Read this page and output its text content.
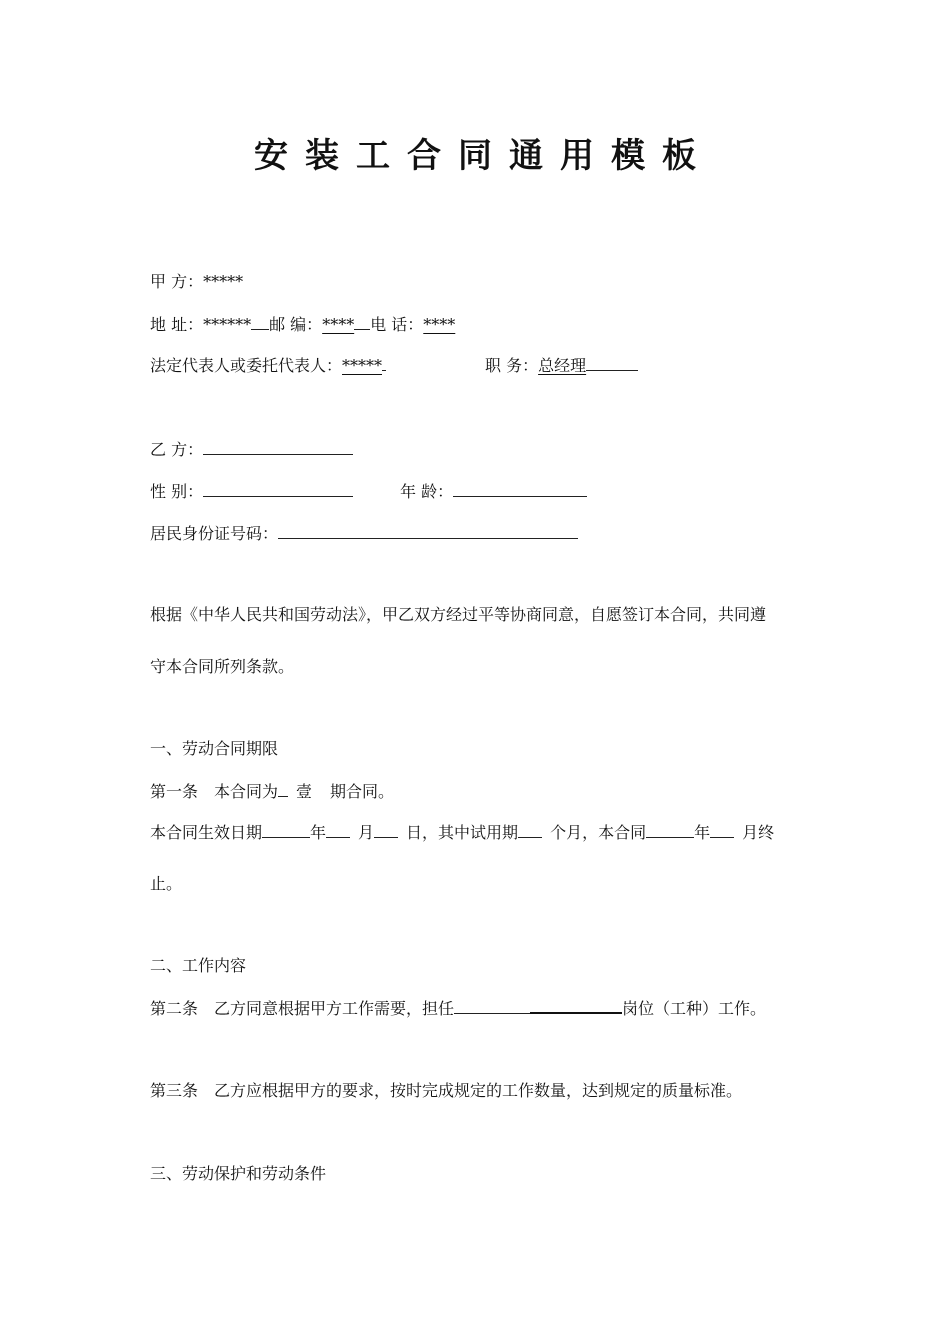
安装工合同通用模板
甲 方：*****
地 址：****** 邮 编：**** 电 话：****
法定代表人或委托代表人：*****	职 务：总经理
乙 方：
性 别：	年 龄：
居民身份证号码：
根据《中华人民共和国劳动法》，甲乙双方经过平等协商同意，自愿签订本合同，共同遵
守本合同所列条款。
一、劳动合同期限
第一条 本合同为 壹 期合同。
本合同生效日期	年 月 日，其中试用期 个月，本合同	年 月终
止。
二、工作内容
第二条 乙方同意根据甲方工作需要，担任	岗位（工种）工作。
第三条 乙方应根据甲方的要求，按时完成规定的工作数量，达到规定的质量标准。
三、劳动保护和劳动条件
